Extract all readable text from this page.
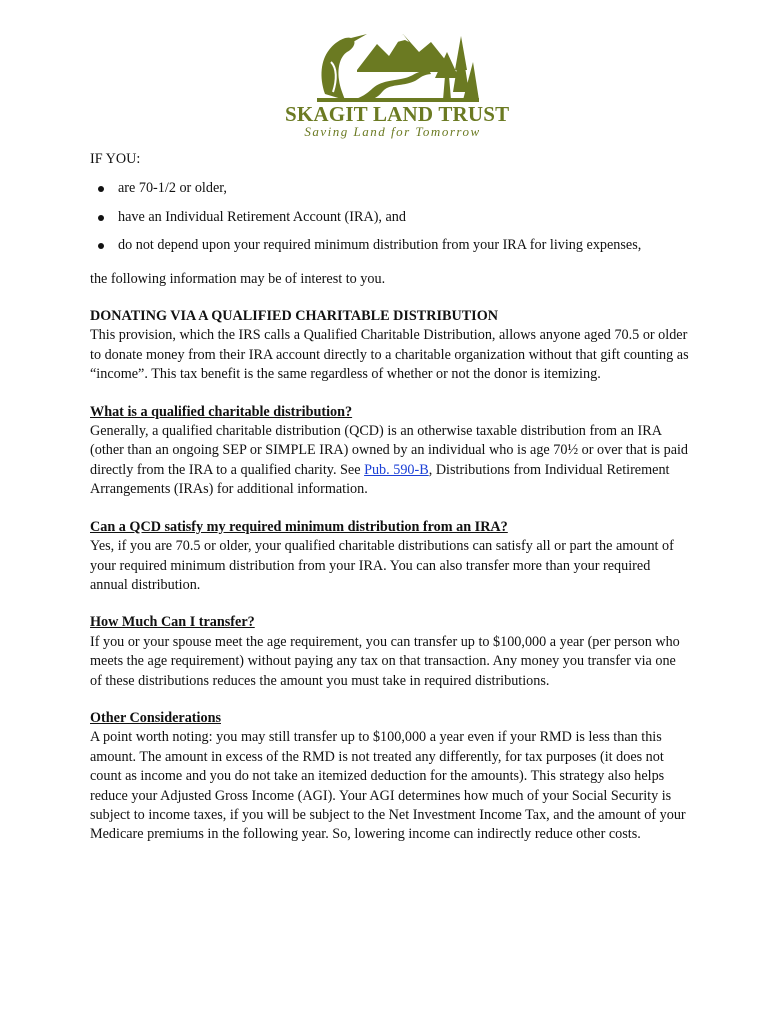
SKAGIT LAND TRUST
Saving Land for Tomorrow

IF YOU:

are 70-1/2 or older,
have an Individual Retirement Account (IRA), and
do not depend upon your required minimum distribution from your IRA for living expenses,

the following information may be of interest to you.

DONATING VIA A QUALIFIED CHARITABLE DISTRIBUTION

This provision, which the IRS calls a Qualified Charitable Distribution, allows anyone aged 70.5 or older to donate money from their IRA account directly to a charitable organization without that gift counting as “income”. This tax benefit is the same regardless of whether or not the donor is itemizing.

What is a qualified charitable distribution?

Generally, a qualified charitable distribution (QCD) is an otherwise taxable distribution from an IRA

(other than an ongoing SEP or SIMPLE IRA) owned by an individual who is age 70½ or over that is paid directly from the IRA to a qualified charity. See Pub. 590-B, Distributions from Individual Retirement Arrangements (IRAs) for additional information.

Can a QCD satisfy my required minimum distribution from an IRA?

Yes, if you are 70.5 or older, your qualified charitable distributions can satisfy all or part the amount of your required minimum distribution from your IRA. You can also transfer more than your required annual distribution.

How Much Can I transfer?

If you or your spouse meet the age requirement, you can transfer up to $100,000 a year (per person who meets the age requirement) without paying any tax on that transaction. Any money you transfer via one of these distributions reduces the amount you must take in required distributions.

Other Considerations

A point worth noting: you may still transfer up to $100,000 a year even if your RMD is less than this amount. The amount in excess of the RMD is not treated any differently, for tax purposes (it does not count as income and you do not take an itemized deduction for the amounts). This strategy also helps reduce your Adjusted Gross Income (AGI). Your AGI determines how much of your Social Security is subject to income taxes, if you will be subject to the Net Investment Income Tax, and the amount of your Medicare premiums in the following year. So, lowering income can indirectly reduce other costs.
